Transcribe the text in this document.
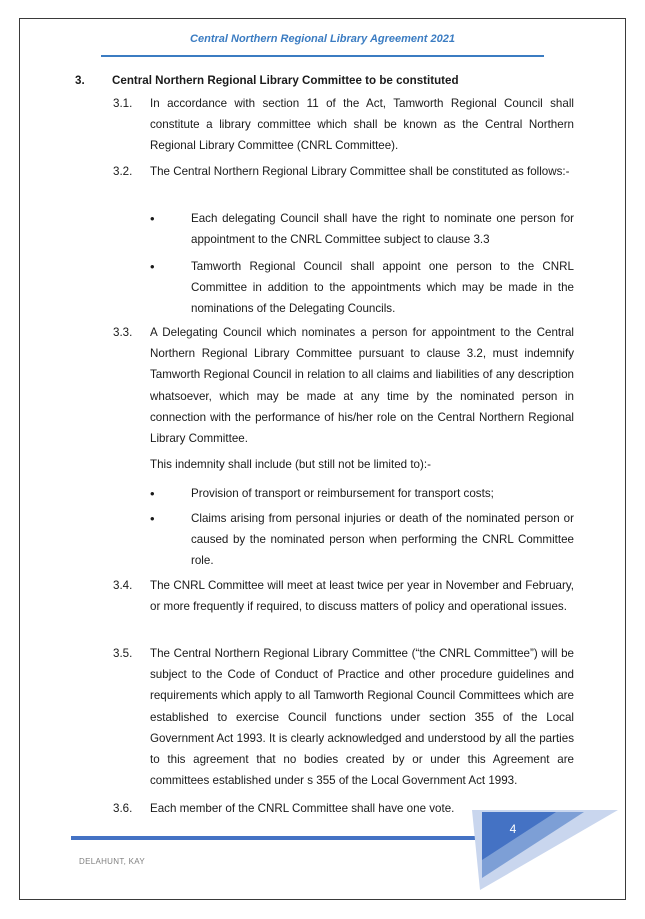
Central Northern Regional Library Agreement 2021
3. Central Northern Regional Library Committee to be constituted
3.1. In accordance with section 11 of the Act, Tamworth Regional Council shall constitute a library committee which shall be known as the Central Northern Regional Library Committee (CNRL Committee).
3.2. The Central Northern Regional Library Committee shall be constituted as follows:-
•	Each delegating Council shall have the right to nominate one person for appointment to the CNRL Committee subject to clause 3.3
•	Tamworth Regional Council shall appoint one person to the CNRL Committee in addition to the appointments which may be made in the nominations of the Delegating Councils.
3.3. A Delegating Council which nominates a person for appointment to the Central Northern Regional Library Committee pursuant to clause 3.2, must indemnify Tamworth Regional Council in relation to all claims and liabilities of any description whatsoever, which may be made at any time by the nominated person in connection with the performance of his/her role on the Central Northern Regional Library Committee.
This indemnity shall include (but still not be limited to):-
•	Provision of transport or reimbursement for transport costs;
•	Claims arising from personal injuries or death of the nominated person or caused by the nominated person when performing the CNRL Committee role.
3.4. The CNRL Committee will meet at least twice per year in November and February, or more frequently if required, to discuss matters of policy and operational issues.
3.5. The Central Northern Regional Library Committee (“the CNRL Committee”) will be subject to the Code of Conduct of Practice and other procedure guidelines and requirements which apply to all Tamworth Regional Council Committees which are established to exercise Council functions under section 355 of the Local Government Act 1993. It is clearly acknowledged and understood by all the parties to this agreement that no bodies created by or under this Agreement are committees established under s 355 of the Local Government Act 1993.
3.6. Each member of the CNRL Committee shall have one vote.
4
DELAHUNT, KAY
